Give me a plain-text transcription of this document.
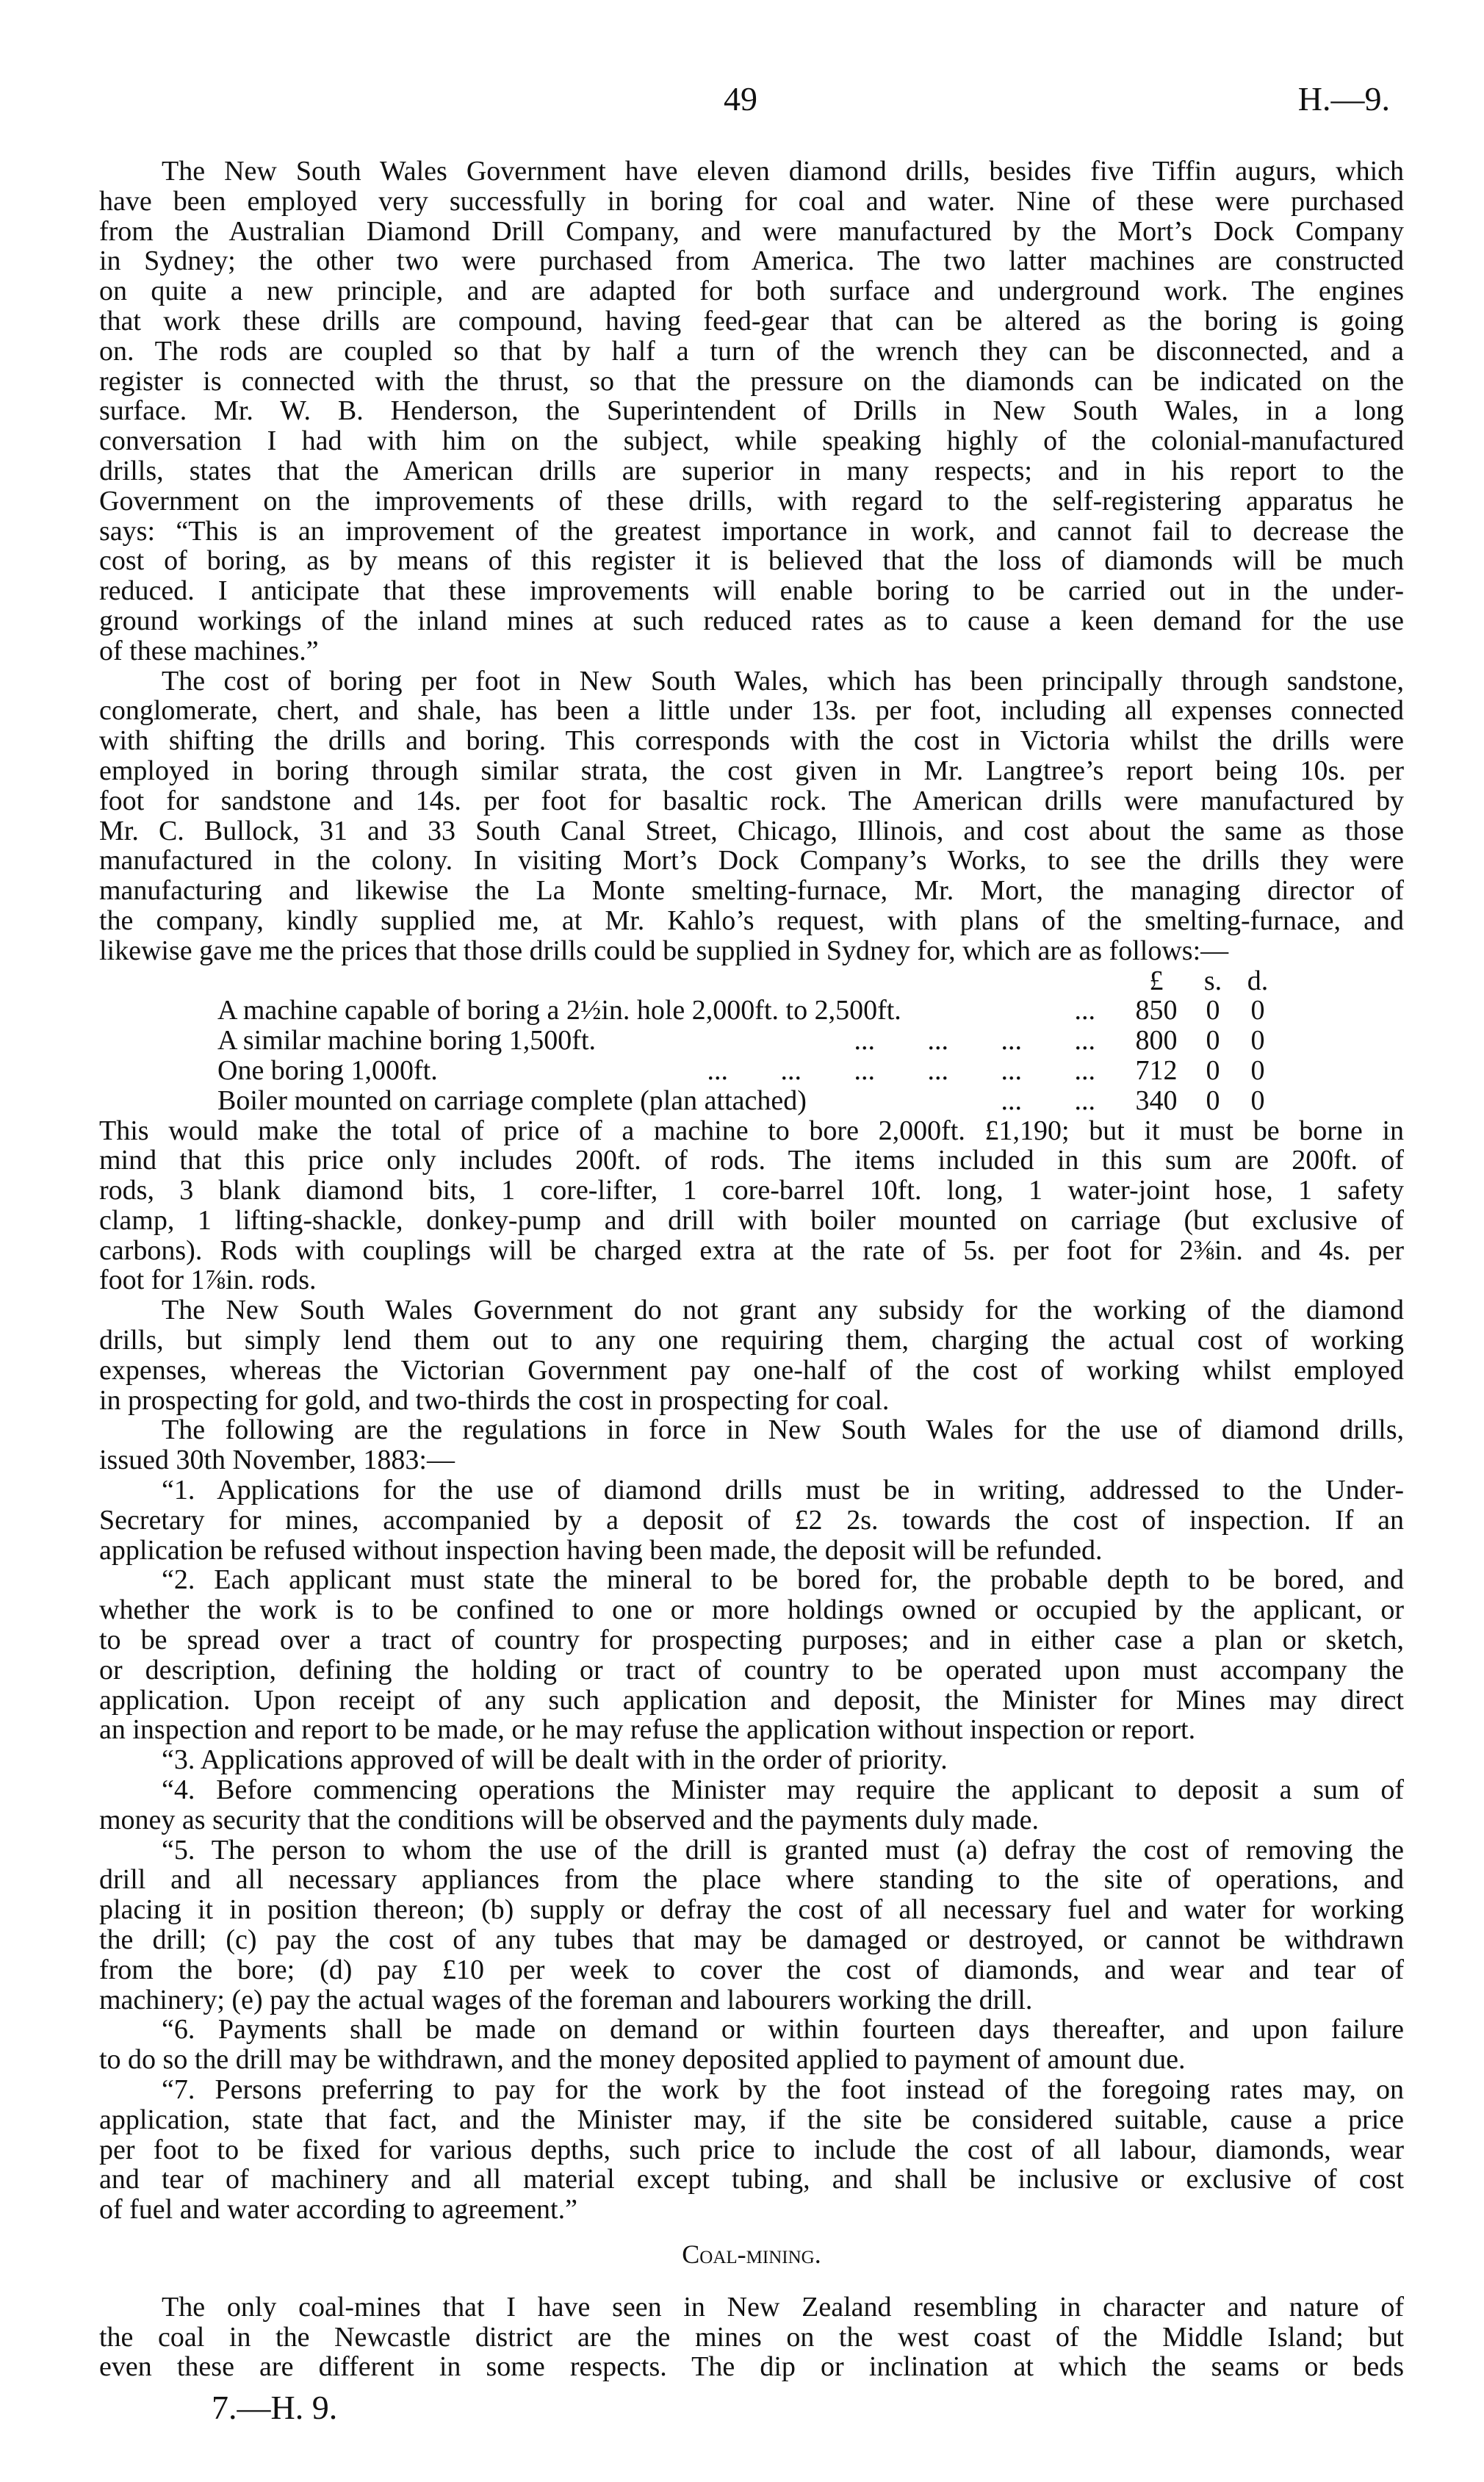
49	H.—9.
The New South Wales Government have eleven diamond drills, besides five Tiffin augurs, which
have been employed very successfully in boring for coal and water. Nine of these were purchased
from the Australian Diamond Drill Company, and were manufactured by the Mort’s Dock Company
in Sydney; the other two were purchased from America. The two latter machines are constructed
on quite a new principle, and are adapted for both surface and underground work. The engines
that work these drills are compound, having feed-gear that can be altered as the boring is going
on. The rods are coupled so that by half a turn of the wrench they can be disconnected, and a
register is connected with the thrust, so that the pressure on the diamonds can be indicated on the
surface. Mr. W. B. Henderson, the Superintendent of Drills in New South Wales, in a long
conversation I had with him on the subject, while speaking highly of the colonial-manufactured
drills, states that the American drills are superior in many respects; and in his report to the
Government on the improvements of these drills, with regard to the self-registering apparatus he
says: “This is an improvement of the greatest importance in work, and cannot fail to decrease the
cost of boring, as by means of this register it is believed that the loss of diamonds will be much
reduced. I anticipate that these improvements will enable boring to be carried out in the under-
ground workings of the inland mines at such reduced rates as to cause a keen demand for the use
of these machines.”
The cost of boring per foot in New South Wales, which has been principally through sandstone,
conglomerate, chert, and shale, has been a little under 13s. per foot, including all expenses connected
with shifting the drills and boring. This corresponds with the cost in Victoria whilst the drills were
employed in boring through similar strata, the cost given in Mr. Langtree’s report being 10s. per
foot for sandstone and 14s. per foot for basaltic rock. The American drills were manufactured by
Mr. C. Bullock, 31 and 33 South Canal Street, Chicago, Illinois, and cost about the same as those
manufactured in the colony. In visiting Mort’s Dock Company’s Works, to see the drills they were
manufacturing and likewise the La Monte smelting-furnace, Mr. Mort, the managing director of
the company, kindly supplied me, at Mr. Kahlo’s request, with plans of the smelting-furnace, and
likewise gave me the prices that those drills could be supplied in Sydney for, which are as follows:—
£	s. d.
A machine capable of boring a 2½in. hole 2,000ft. to 2,500ft.	... 850	0	0
A similar machine boring 1,500ft.	... ... ... ... 800	0	0
One boring 1,000ft.	... ... ... ... ... ... 712	0	0
Boiler mounted on carriage complete (plan attached)	... ... 340	0	0
This would make the total of price of a machine to bore 2,000ft. £1,190; but it must be borne in
mind that this price only includes 200ft. of rods. The items included in this sum are 200ft. of
rods, 3 blank diamond bits, 1 core-lifter, 1 core-barrel 10ft. long, 1 water-joint hose, 1 safety
clamp, 1 lifting-shackle, donkey-pump and drill with boiler mounted on carriage (but exclusive of
carbons). Rods with couplings will be charged extra at the rate of 5s. per foot for 2⅜in. and 4s. per
foot for 1⅞in. rods.
The New South Wales Government do not grant any subsidy for the working of the diamond
drills, but simply lend them out to any one requiring them, charging the actual cost of working
expenses, whereas the Victorian Government pay one-half of the cost of working whilst employed
in prospecting for gold, and two-thirds the cost in prospecting for coal.
The following are the regulations in force in New South Wales for the use of diamond drills,
issued 30th November, 1883:—
“1. Applications for the use of diamond drills must be in writing, addressed to the Under-
Secretary for mines, accompanied by a deposit of £2 2s. towards the cost of inspection. If an
application be refused without inspection having been made, the deposit will be refunded.
“2. Each applicant must state the mineral to be bored for, the probable depth to be bored, and
whether the work is to be confined to one or more holdings owned or occupied by the applicant, or
to be spread over a tract of country for prospecting purposes; and in either case a plan or sketch,
or description, defining the holding or tract of country to be operated upon must accompany the
application. Upon receipt of any such application and deposit, the Minister for Mines may direct
an inspection and report to be made, or he may refuse the application without inspection or report.
“3. Applications approved of will be dealt with in the order of priority.
“4. Before commencing operations the Minister may require the applicant to deposit a sum of
money as security that the conditions will be observed and the payments duly made.
“5. The person to whom the use of the drill is granted must (a) defray the cost of removing the
drill and all necessary appliances from the place where standing to the site of operations, and
placing it in position thereon; (b) supply or defray the cost of all necessary fuel and water for working
the drill; (c) pay the cost of any tubes that may be damaged or destroyed, or cannot be withdrawn
from the bore; (d) pay £10 per week to cover the cost of diamonds, and wear and tear of
machinery; (e) pay the actual wages of the foreman and labourers working the drill.
“6. Payments shall be made on demand or within fourteen days thereafter, and upon failure
to do so the drill may be withdrawn, and the money deposited applied to payment of amount due.
“7. Persons preferring to pay for the work by the foot instead of the foregoing rates may, on
application, state that fact, and the Minister may, if the site be considered suitable, cause a price
per foot to be fixed for various depths, such price to include the cost of all labour, diamonds, wear
and tear of machinery and all material except tubing, and shall be inclusive or exclusive of cost
of fuel and water according to agreement.”
Coal-mining.
The only coal-mines that I have seen in New Zealand resembling in character and nature of
the coal in the Newcastle district are the mines on the west coast of the Middle Island; but
even these are different in some respects. The dip or inclination at which the seams or beds
7.—H. 9.
